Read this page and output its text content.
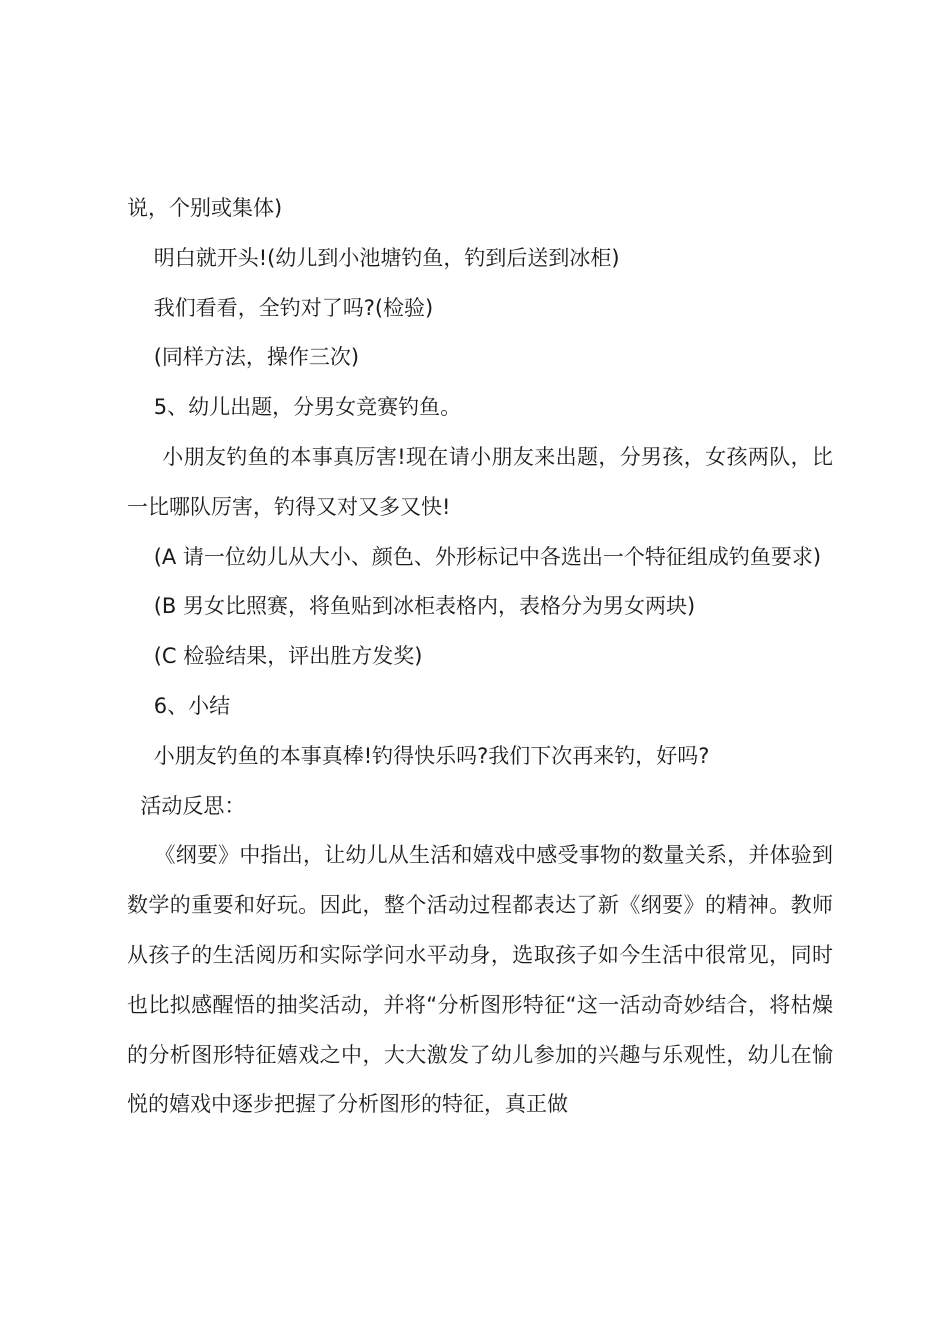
说，个别或集体)

明白就开头!(幼儿到小池塘钓鱼，钓到后送到冰柜)

我们看看，全钓对了吗?(检验)

(同样方法，操作三次)

5、幼儿出题，分男女竞赛钓鱼。

小朋友钓鱼的本事真厉害!现在请小朋友来出题，分男孩，女孩两队，比一比哪队厉害，钓得又对又多又快!

(A 请一位幼儿从大小、颜色、外形标记中各选出一个特征组成钓鱼要求)

(B 男女比照赛，将鱼贴到冰柜表格内，表格分为男女两块)

(C 检验结果，评出胜方发奖)

6、小结

小朋友钓鱼的本事真棒!钓得快乐吗?我们下次再来钓，好吗?

活动反思：

《纲要》中指出，让幼儿从生活和嬉戏中感受事物的数量关系，并体验到数学的重要和好玩。因此，整个活动过程都表达了新《纲要》的精神。教师从孩子的生活阅历和实际学问水平动身，选取孩子如今生活中很常见，同时也比拟感醒悟的抽奖活动，并将“分析图形特征“这一活动奇妙结合，将枯燥的分析图形特征嬉戏之中，大大激发了幼儿参加的兴趣与乐观性，幼儿在愉悦的嬉戏中逐步把握了分析图形的特征，真正做
